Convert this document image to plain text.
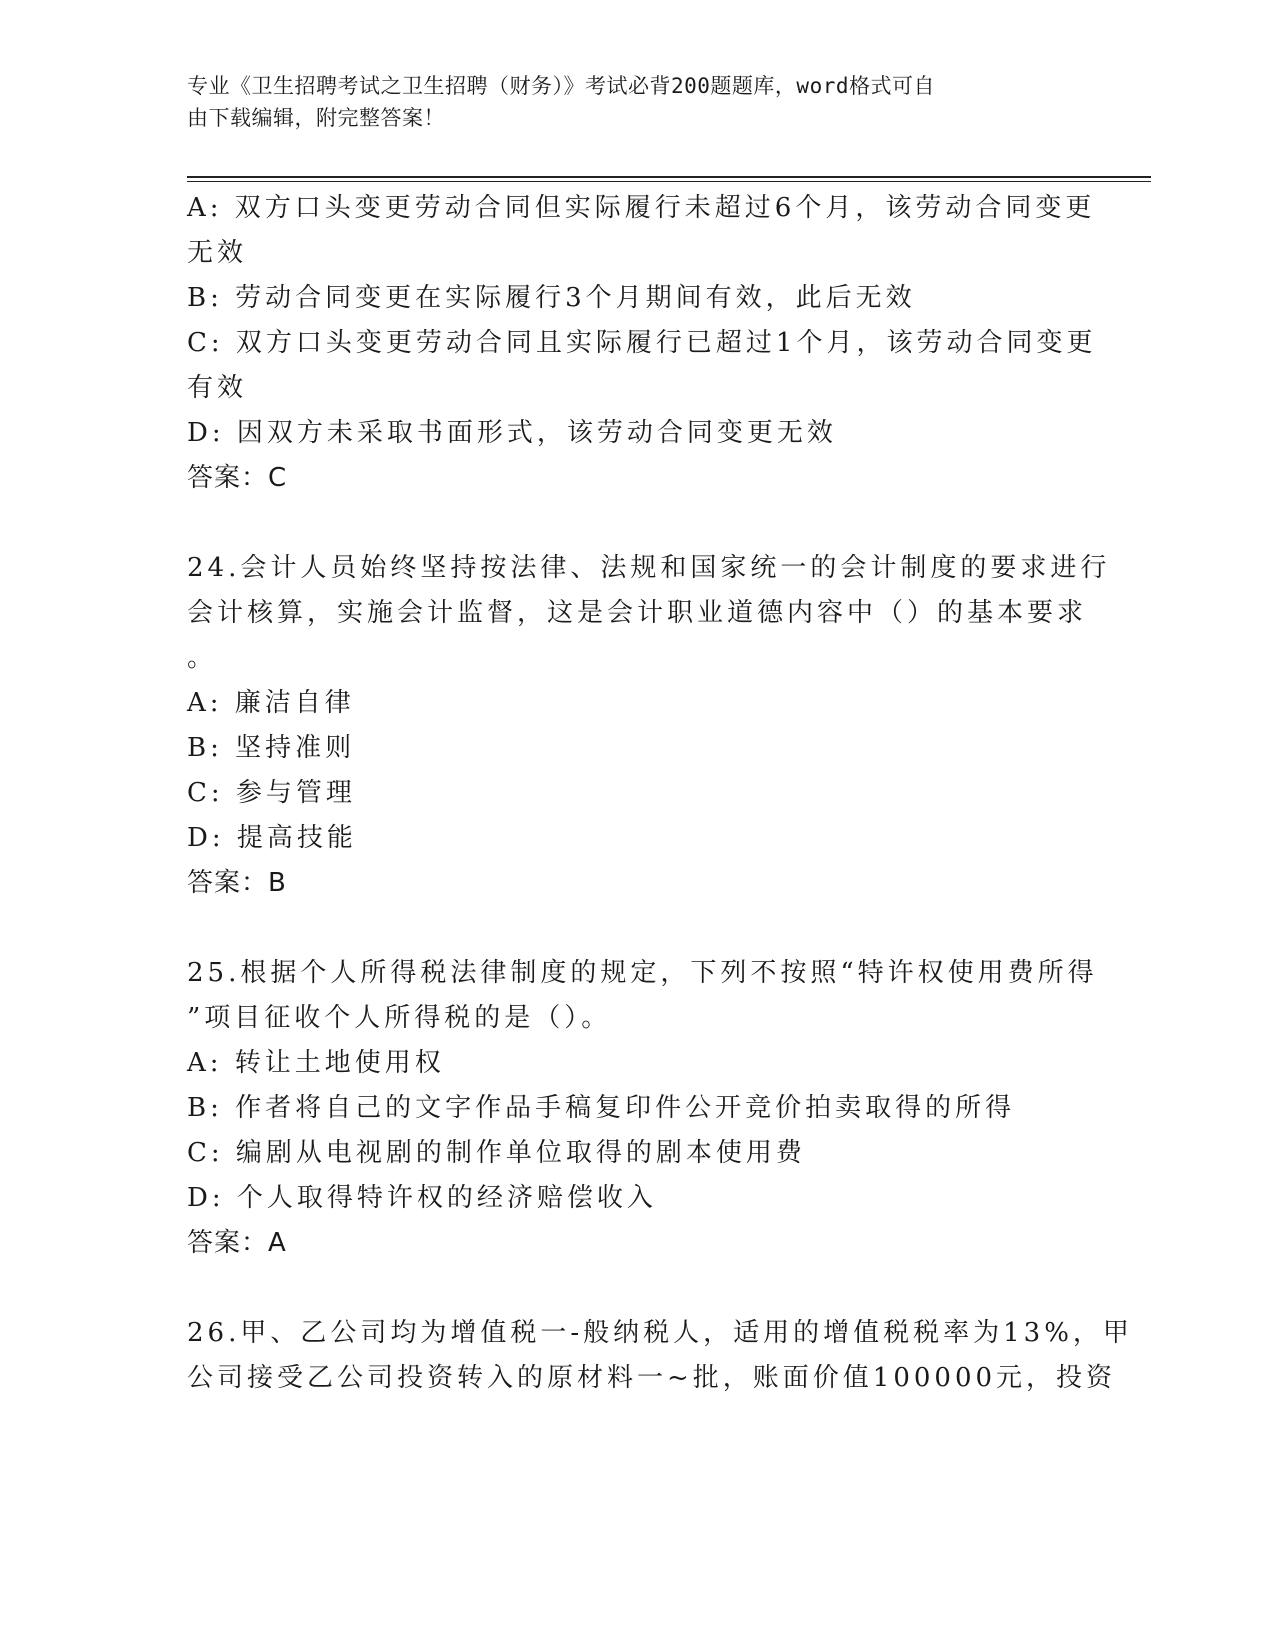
专业《卫生招聘考试之卫生招聘（财务）》考试必背200题题库，word格式可自
由下载编辑，附完整答案！
A: 双方口头变更劳动合同但实际履行未超过6个月，该劳动合同变更
无效
B: 劳动合同变更在实际履行3个月期间有效，此后无效
C: 双方口头变更劳动合同且实际履行已超过1个月，该劳动合同变更
有效
D: 因双方未采取书面形式，该劳动合同变更无效
答案：C
24.会计人员始终坚持按法律、法规和国家统一的会计制度的要求进行
会计核算，实施会计监督，这是会计职业道德内容中（）的基本要求
。
A: 廉洁自律
B: 坚持准则
C: 参与管理
D: 提高技能
答案：B
25.根据个人所得税法律制度的规定，下列不按照“特许权使用费所得
”项目征收个人所得税的是（）。
A: 转让土地使用权
B: 作者将自己的文字作品手稿复印件公开竞价拍卖取得的所得
C: 编剧从电视剧的制作单位取得的剧本使用费
D: 个人取得特许权的经济赔偿收入
答案：A
26.甲、乙公司均为增值税一-般纳税人，适用的增值税税率为13%，甲
公司接受乙公司投资转入的原材料一~批，账面价值100000元，投资
